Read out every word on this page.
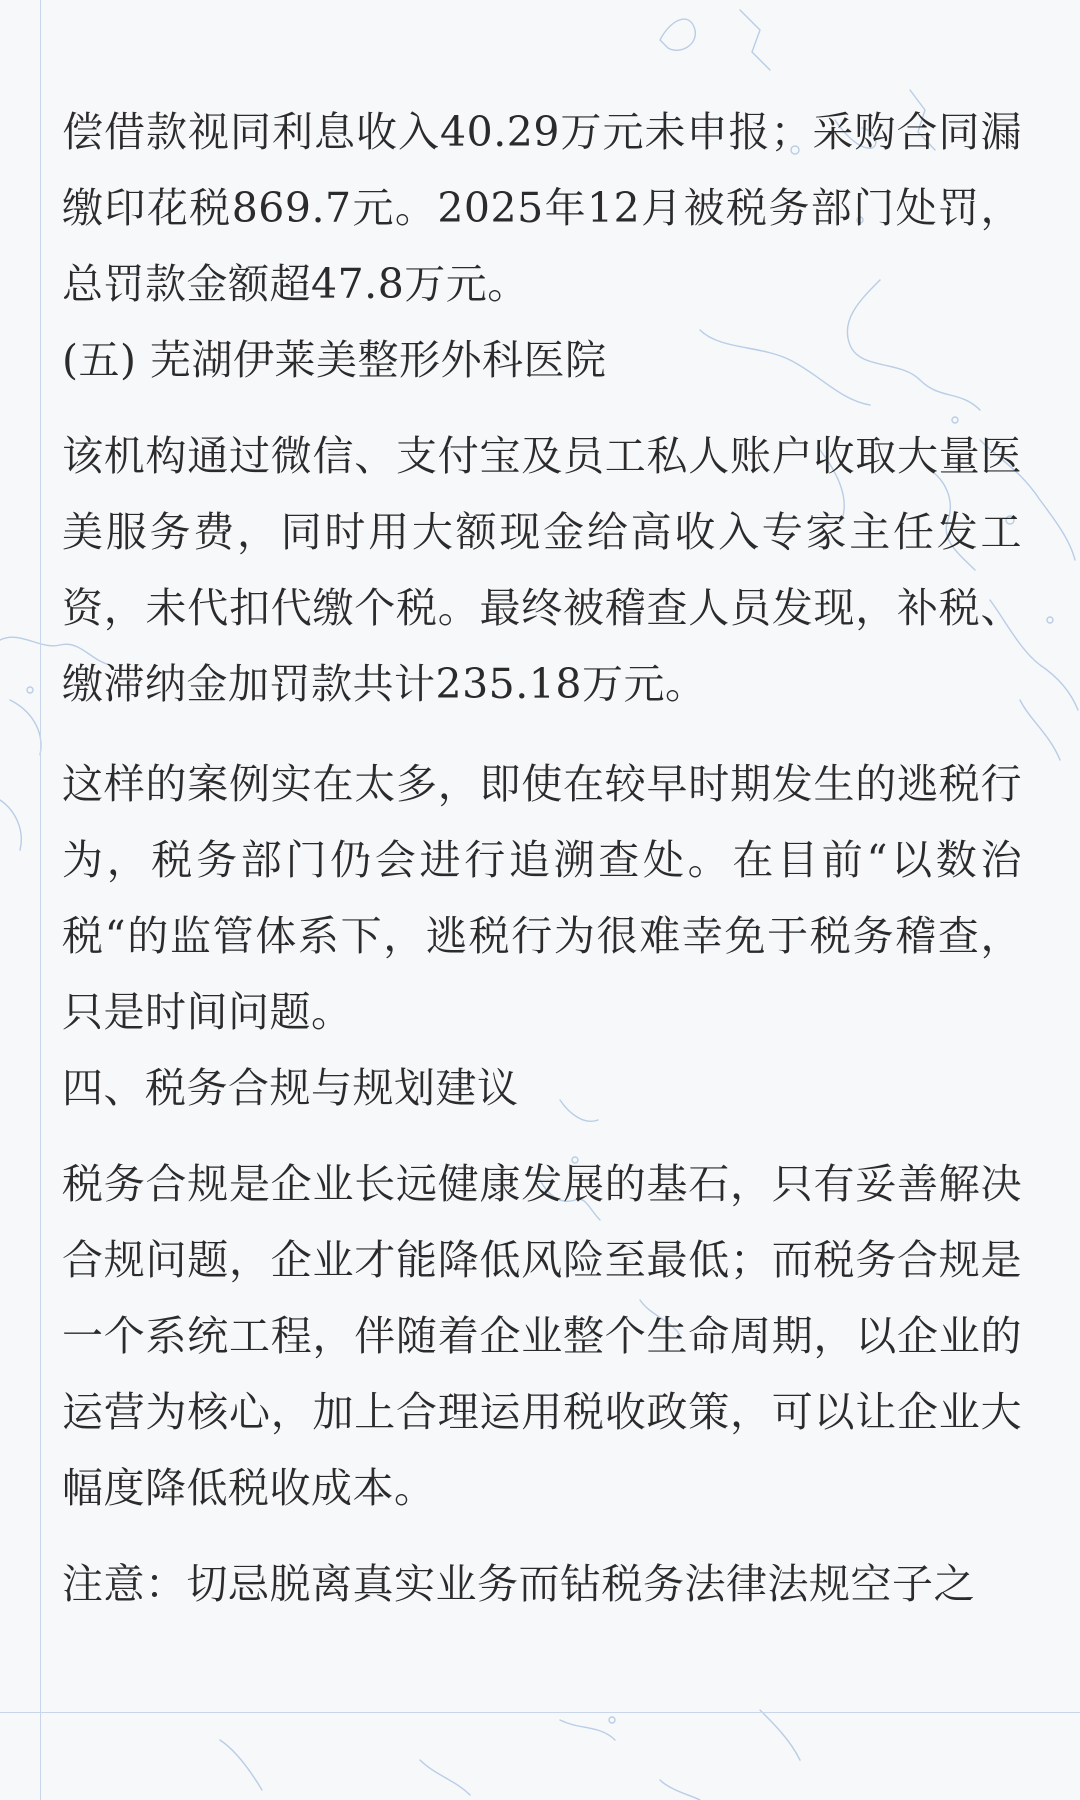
偿借款视同利息收入40.29万元未申报；采购合同漏缴印花税869.7元。2025年12月被税务部门处罚，总罚款金额超47.8万元。

(五) 芜湖伊莱美整形外科医院

该机构通过微信、支付宝及员工私人账户收取大量医美服务费，同时用大额现金给高收入专家主任发工资，未代扣代缴个税。最终被稽查人员发现，补税、缴滞纳金加罚款共计235.18万元。

这样的案例实在太多，即使在较早时期发生的逃税行为，税务部门仍会进行追溯查处。在目前“以数治税“的监管体系下，逃税行为很难幸免于税务稽查，只是时间问题。

四、税务合规与规划建议

税务合规是企业长远健康发展的基石，只有妥善解决合规问题，企业才能降低风险至最低；而税务合规是一个系统工程，伴随着企业整个生命周期，以企业的运营为核心，加上合理运用税收政策，可以让企业大幅度降低税收成本。

注意：切忌脱离真实业务而钻税务法律法规空子之
